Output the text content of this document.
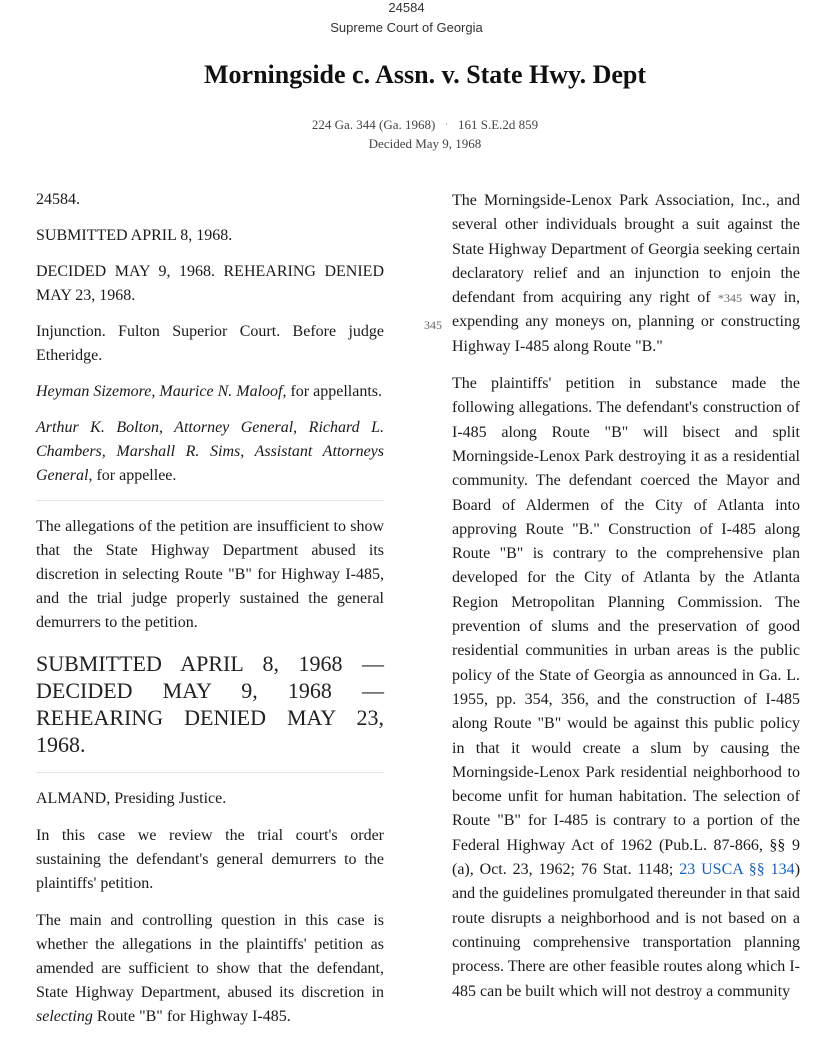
24584
Supreme Court of Georgia
Morningside c. Assn. v. State Hwy. Dept
224 Ga. 344 (Ga. 1968) · 161 S.E.2d 859
Decided May 9, 1968

24584.

SUBMITTED APRIL 8, 1968.

DECIDED MAY 9, 1968. REHEARING DENIED MAY 23, 1968.

Injunction. Fulton Superior Court. Before judge Etheridge.

Heyman Sizemore, Maurice N. Maloof, for appellants.

Arthur K. Bolton, Attorney General, Richard L. Chambers, Marshall R. Sims, Assistant Attorneys General, for appellee.

The allegations of the petition are insufficient to show that the State Highway Department abused its discretion in selecting Route "B" for Highway I-485, and the trial judge properly sustained the general demurrers to the petition.

SUBMITTED APRIL 8, 1968 — DECIDED MAY 9, 1968 — REHEARING DENIED MAY 23, 1968.

ALMAND, Presiding Justice.

In this case we review the trial court's order sustaining the defendant's general demurrers to the plaintiffs' petition.

The main and controlling question in this case is whether the allegations in the plaintiffs' petition as amended are sufficient to show that the defendant, State Highway Department, abused its discretion in selecting Route "B" for Highway I-485.

345

The Morningside-Lenox Park Association, Inc., and several other individuals brought a suit against the State Highway Department of Georgia seeking certain declaratory relief and an injunction to enjoin the defendant from acquiring any right of *345 way in, expending any moneys on, planning or constructing Highway I-485 along Route "B."

The plaintiffs' petition in substance made the following allegations. The defendant's construction of I-485 along Route "B" will bisect and split Morningside-Lenox Park destroying it as a residential community. The defendant coerced the Mayor and Board of Aldermen of the City of Atlanta into approving Route "B." Construction of I-485 along Route "B" is contrary to the comprehensive plan developed for the City of Atlanta by the Atlanta Region Metropolitan Planning Commission. The prevention of slums and the preservation of good residential communities in urban areas is the public policy of the State of Georgia as announced in Ga. L. 1955, pp. 354, 356, and the construction of I-485 along Route "B" would be against this public policy in that it would create a slum by causing the Morningside-Lenox Park residential neighborhood to become unfit for human habitation. The selection of Route "B" for I-485 is contrary to a portion of the Federal Highway Act of 1962 (Pub.L. 87-866, §§ 9 (a), Oct. 23, 1962; 76 Stat. 1148; 23 USCA §§ 134) and the guidelines promulgated thereunder in that said route disrupts a neighborhood and is not based on a continuing comprehensive transportation planning process. There are other feasible routes along which I-485 can be built which will not destroy a community
